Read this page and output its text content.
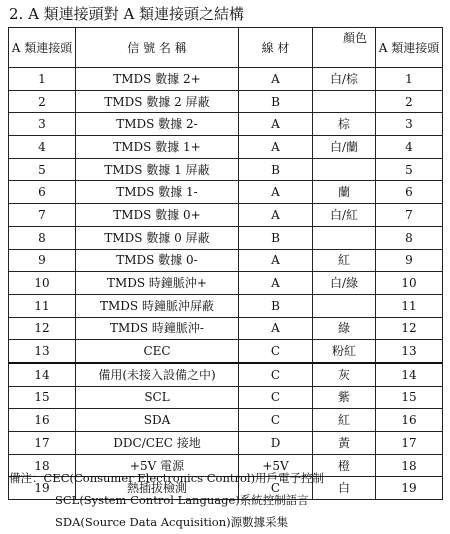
2. A 類連接頭對 A 類連接頭之結構
A 類連接頭	信 號 名 稱	線 材	顏色	A 類連接頭
1	TMDS 數據 2+	A	白/棕	1
2	TMDS 數據 2 屏蔽	B		2
3	TMDS 數據 2-	A	棕	3
4	TMDS 數據 1+	A	白/蘭	4
5	TMDS 數據 1 屏蔽	B		5
6	TMDS 數據 1-	A	蘭	6
7	TMDS 數據 0+	A	白/紅	7
8	TMDS 數據 0 屏蔽	B		8
9	TMDS 數據 0-	A	紅	9
10	TMDS 時鐘脈沖+	A	白/綠	10
11	TMDS 時鐘脈沖屏蔽	B		11
12	TMDS 時鐘脈沖-	A	綠	12
13	CEC	C	粉紅	13
14	備用(未接入設備之中)	C	灰	14
15	SCL	C	紫	15
16	SDA	C	紅	16
17	DDC/CEC 接地	D	黃	17
18	+5V 電源	+5V	橙	18
19	熱插拔檢測	C	白	19
備注：CEC(Consumer Electronics Control)用戶電子控制
SCL(System Control Language)系統控制語言
SDA(Source Data Acquisition)源數據采集
